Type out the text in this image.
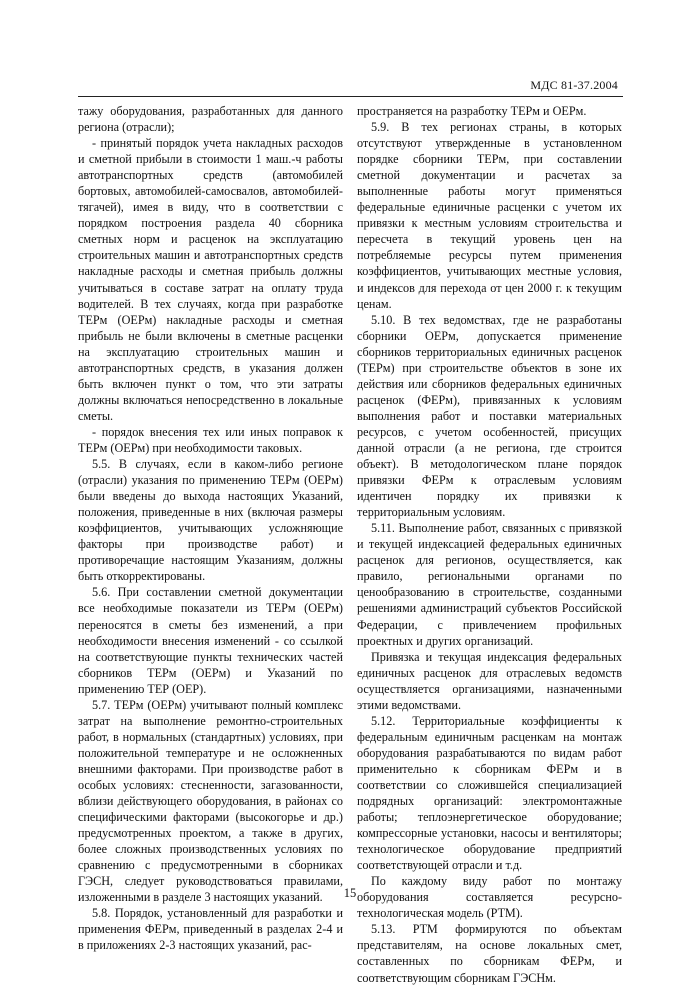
МДС 81-37.2004

тажу оборудования, разработанных для данного региона (отрасли);

- принятый порядок учета накладных расходов и сметной прибыли в стоимости 1 маш.-ч работы автотранспортных средств (автомобилей бортовых, автомобилей-самосвалов, автомобилей-тягачей), имея в виду, что в соответствии с порядком построения раздела 40 сборника сметных норм и расценок на эксплуатацию строительных машин и автотранспортных средств накладные расходы и сметная прибыль должны учитываться в составе затрат на оплату труда водителей. В тех случаях, когда при разработке ТЕРм (ОЕРм) накладные расходы и сметная прибыль не были включены в сметные расценки на эксплуатацию строительных машин и автотранспортных средств, в указания должен быть включен пункт о том, что эти затраты должны включаться непосредственно в локальные сметы.

- порядок внесения тех или иных поправок к ТЕРм (ОЕРм) при необходимости таковых.

5.5. В случаях, если в каком-либо регионе (отрасли) указания по применению ТЕРм (ОЕРм) были введены до выхода настоящих Указаний, положения, приведенные в них (включая размеры коэффициентов, учитывающих усложняющие факторы при производстве работ) и противоречащие настоящим Указаниям, должны быть откорректированы.

5.6. При составлении сметной документации все необходимые показатели из ТЕРм (ОЕРм) переносятся в сметы без изменений, а при необходимости внесения изменений - со ссылкой на соответствующие пункты технических частей сборников ТЕРм (ОЕРм) и Указаний по применению ТЕР (ОЕР).

5.7. ТЕРм (ОЕРм) учитывают полный комплекс затрат на выполнение ремонтно-строительных работ, в нормальных (стандартных) условиях, при положительной температуре и не осложненных внешними факторами. При производстве работ в особых условиях: стесненности, загазованности, вблизи действующего оборудования, в районах со специфическими факторами (высокогорье и др.) предусмотренных проектом, а также в других, более сложных производственных условиях по сравнению с предусмотренными в сборниках ГЭСН, следует руководствоваться правилами, изложенными в разделе 3 настоящих указаний.

5.8. Порядок, установленный для разработки и применения ФЕРм, приведенный в разделах 2-4 и в приложениях 2-3 настоящих указаний, рас-

пространяется на разработку ТЕРм и ОЕРм.

5.9. В тех регионах страны, в которых отсутствуют утвержденные в установленном порядке сборники ТЕРм, при составлении сметной документации и расчетах за выполненные работы могут применяться федеральные единичные расценки с учетом их привязки к местным условиям строительства и пересчета в текущий уровень цен на потребляемые ресурсы путем применения коэффициентов, учитывающих местные условия, и индексов для перехода от цен 2000 г. к текущим ценам.

5.10. В тех ведомствах, где не разработаны сборники ОЕРм, допускается применение сборников территориальных единичных расценок (ТЕРм) при строительстве объектов в зоне их действия или сборников федеральных единичных расценок (ФЕРм), привязанных к условиям выполнения работ и поставки материальных ресурсов, с учетом особенностей, присущих данной отрасли (а не региона, где строится объект). В методологическом плане порядок привязки ФЕРм к отраслевым условиям идентичен порядку их привязки к территориальным условиям.

5.11. Выполнение работ, связанных с привязкой и текущей индексацией федеральных единичных расценок для регионов, осуществляется, как правило, региональными органами по ценообразованию в строительстве, созданными решениями администраций субъектов Российской Федерации, с привлечением профильных проектных и других организаций.

Привязка и текущая индексация федеральных единичных расценок для отраслевых ведомств осуществляется организациями, назначенными этими ведомствами.

5.12. Территориальные коэффициенты к федеральным единичным расценкам на монтаж оборудования разрабатываются по видам работ применительно к сборникам ФЕРм и в соответствии со сложившейся специализацией подрядных организаций: электромонтажные работы; теплоэнергетическое оборудование; компрессорные установки, насосы и вентиляторы; технологическое оборудование предприятий соответствующей отрасли и т.д.

По каждому виду работ по монтажу оборудования составляется ресурсно-технологическая модель (РТМ).

5.13. РТМ формируются по объектам представителям, на основе локальных смет, составленных по сборникам ФЕРм, и соответствующим сборникам ГЭСНм.

15
